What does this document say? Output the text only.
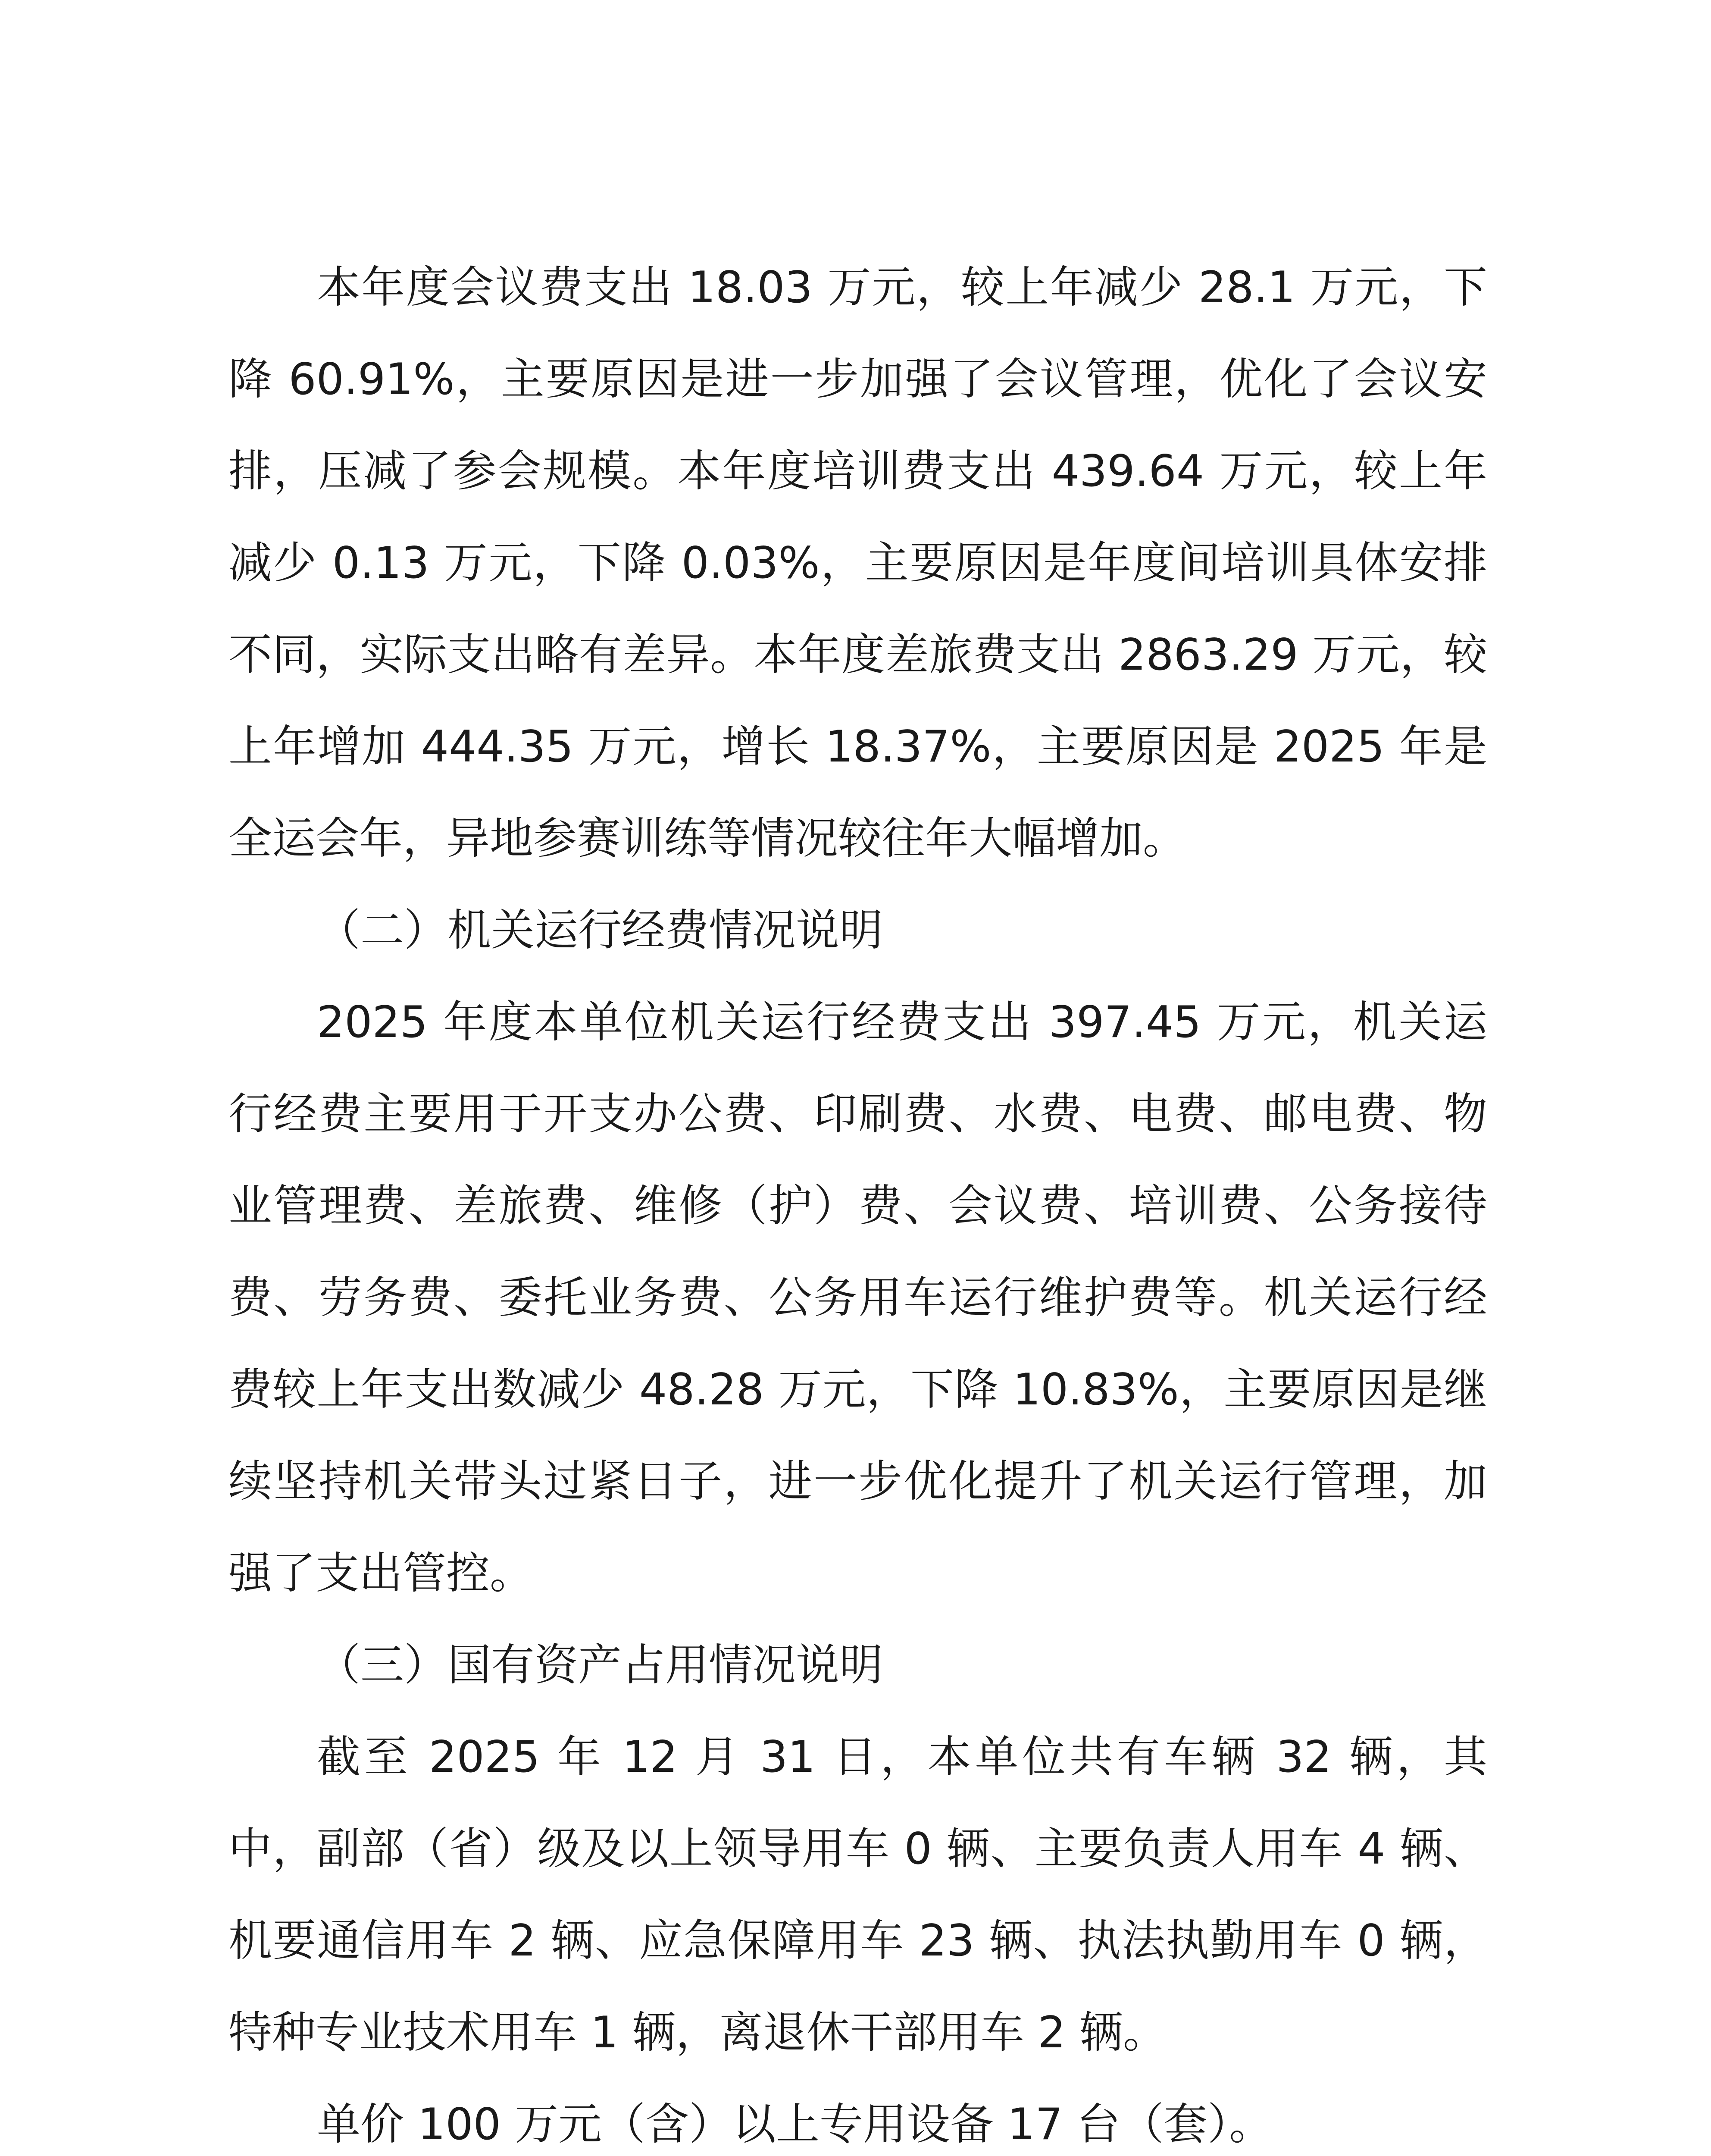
本年度会议费支出 18.03 万元，较上年减少 28.1 万元，下降 60.91%，主要原因是进一步加强了会议管理，优化了会议安排，压减了参会规模。本年度培训费支出 439.64 万元，较上年减少 0.13 万元，下降 0.03%，主要原因是年度间培训具体安排不同，实际支出略有差异。本年度差旅费支出 2863.29 万元，较上年增加 444.35 万元，增长 18.37%，主要原因是 2025 年是全运会年，异地参赛训练等情况较往年大幅增加。

（二）机关运行经费情况说明

2025 年度本单位机关运行经费支出 397.45 万元，机关运行经费主要用于开支办公费、印刷费、水费、电费、邮电费、物业管理费、差旅费、维修（护）费、会议费、培训费、公务接待费、劳务费、委托业务费、公务用车运行维护费等。机关运行经费较上年支出数减少 48.28 万元，下降 10.83%，主要原因是继续坚持机关带头过紧日子，进一步优化提升了机关运行管理，加强了支出管控。

（三）国有资产占用情况说明

截至 2025 年 12 月 31 日，本单位共有车辆 32 辆，其中，副部（省）级及以上领导用车 0 辆、主要负责人用车 4 辆、机要通信用车 2 辆、应急保障用车 23 辆、执法执勤用车 0 辆，特种专业技术用车 1 辆，离退休干部用车 2 辆。

单价 100 万元（含）以上专用设备 17 台（套）。
